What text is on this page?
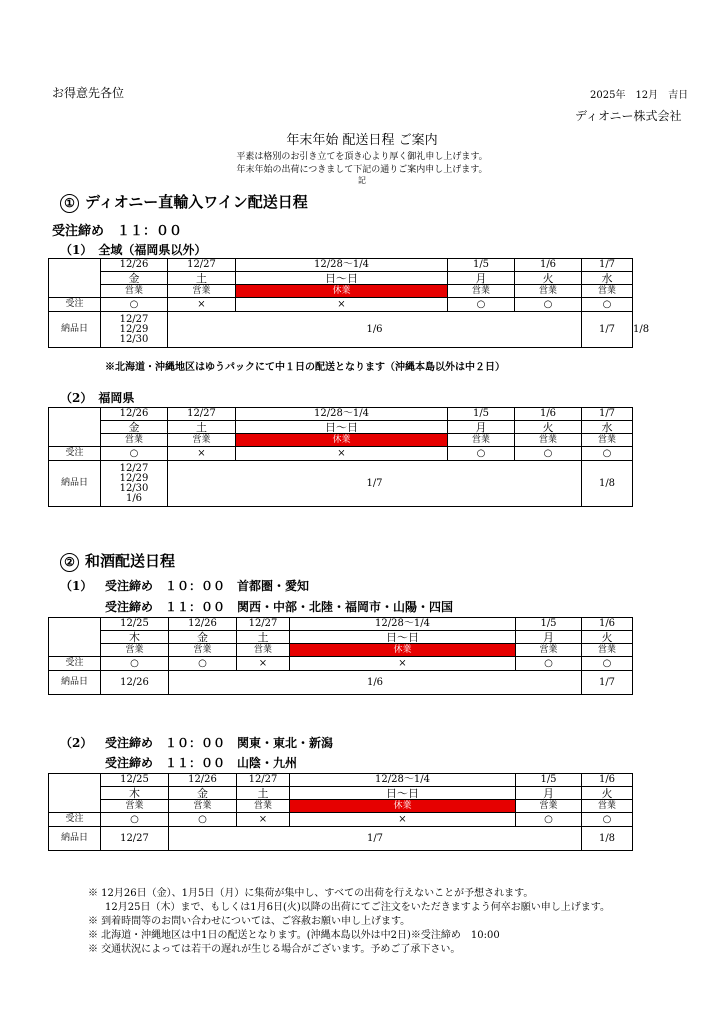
お得意先各位	2025年　12月　吉日
ディオニー株式会社
年末年始 配送日程 ご案内
平素は格別のお引き立てを頂き心より厚く御礼申し上げます。
年末年始の出荷につきまして下記の通りご案内申し上げます。
記
① ディオニー直輸入ワイン配送日程
受注締め　１１：００
（1）　全域（福岡県以外）
	12/26	12/27	12/28～1/4	1/5	1/6	1/7	
	金	土	日～日	月	火	水	
	営業	営業	休業	営業	営業	営業	
受注	○	×	×	○	○	○	
納品日	12/27
12/29
12/30	1/6				1/7	1/8
※北海道・沖縄地区はゆうパックにて中１日の配送となります（沖縄本島以外は中２日）
（2）　福岡県
	12/26	12/27	12/28～1/4	1/5	1/6	1/7
	金	土	日～日	月	火	水
	営業	営業	休業	営業	営業	営業
受注	○	×	×	○	○	○
納品日	12/27
12/29
12/30
1/6	1/7				1/8
② 和酒配送日程
（1） 受注締め　１０：００　首都圏・愛知
受注締め　１１：００　関西・中部・北陸・福岡市・山陽・四国
	12/25	12/26	12/27	12/28～1/4	1/5	1/6
	木	金	土	日～日	月	火
	営業	営業	営業	休業	営業	営業
受注	○	○	×	×	○	○
納品日	12/26	1/6				1/7
（2） 受注締め　１０：００　関東・東北・新潟
受注締め　１１：００　山陰・九州
	12/25	12/26	12/27	12/28～1/4	1/5	1/6
	木	金	土	日～日	月	火
	営業	営業	営業	休業	営業	営業
受注	○	○	×	×	○	○
納品日	12/27	1/7				1/8
※ 12月26日（金）、1月5日（月）に集荷が集中し、すべての出荷を行えないことが予想されます。
12月25日（木）まで、もしくは1月6日(火)以降の出荷にてご注文をいただきますよう何卒お願い申し上げます。
※ 到着時間等のお問い合わせについては、ご容赦お願い申し上げます。
※ 北海道・沖縄地区は中1日の配送となります。(沖縄本島以外は中2日)※受注締め　10:00
※ 交通状況によっては若干の遅れが生じる場合がございます。予めご了承下さい。
